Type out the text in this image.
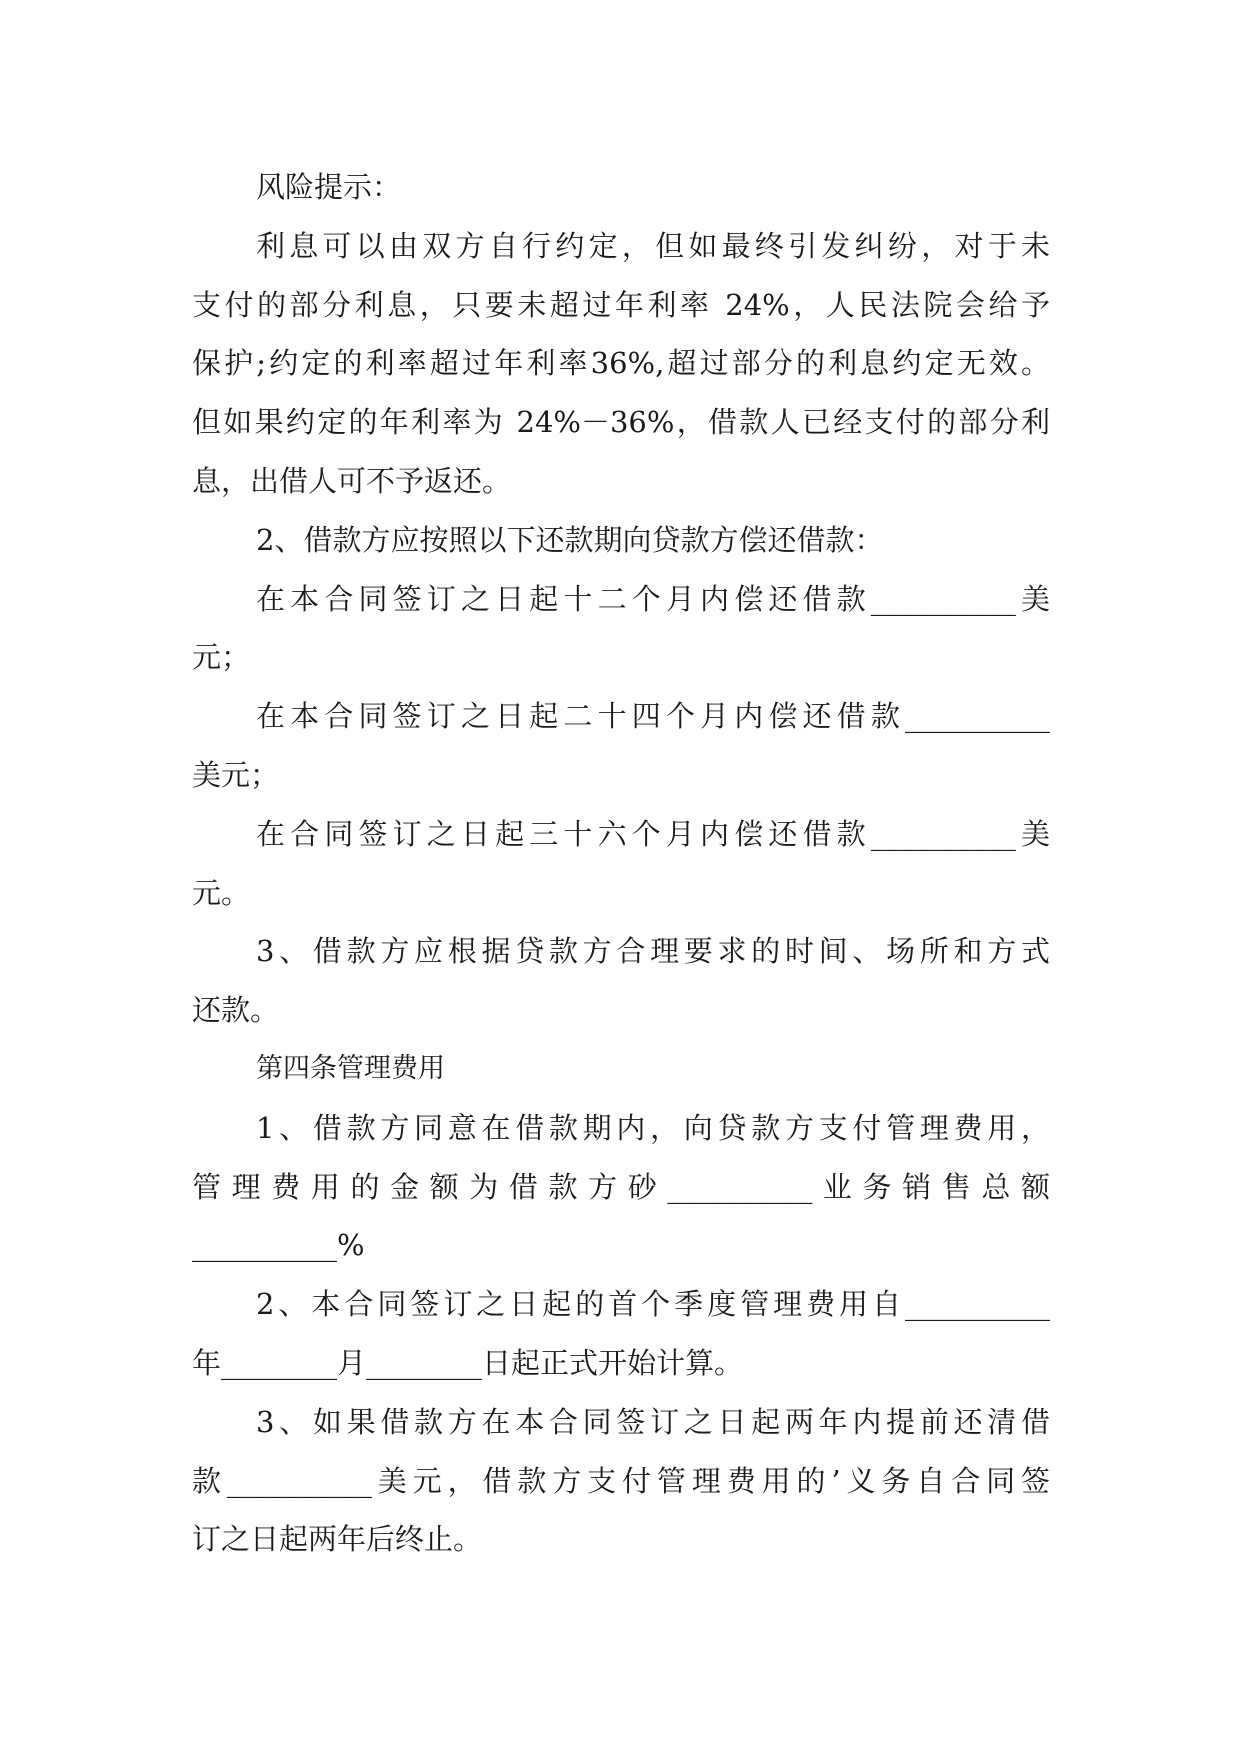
风险提示：
利息可以由双方自行约定，但如最终引发纠纷，对于未
支付的部分利息，只要未超过年利率 24%，人民法院会给予
保护;约定的利率超过年利率36%,超过部分的利息约定无效。
但如果约定的年利率为 24%－36%，借款人已经支付的部分利
息，出借人可不予返还。
2、借款方应按照以下还款期向贷款方偿还借款：
在本合同签订之日起十二个月内偿还借款__________美
元；
在本合同签订之日起二十四个月内偿还借款__________
美元；
在合同签订之日起三十六个月内偿还借款__________美
元。
3、借款方应根据贷款方合理要求的时间、场所和方式
还款。
第四条管理费用
1、借款方同意在借款期内，向贷款方支付管理费用，
管理费用的金额为借款方砂__________业务销售总额
__________%
2、本合同签订之日起的首个季度管理费用自__________
年________月________日起正式开始计算。
3、如果借款方在本合同签订之日起两年内提前还清借
款__________美元，借款方支付管理费用的’义务自合同签
订之日起两年后终止。
